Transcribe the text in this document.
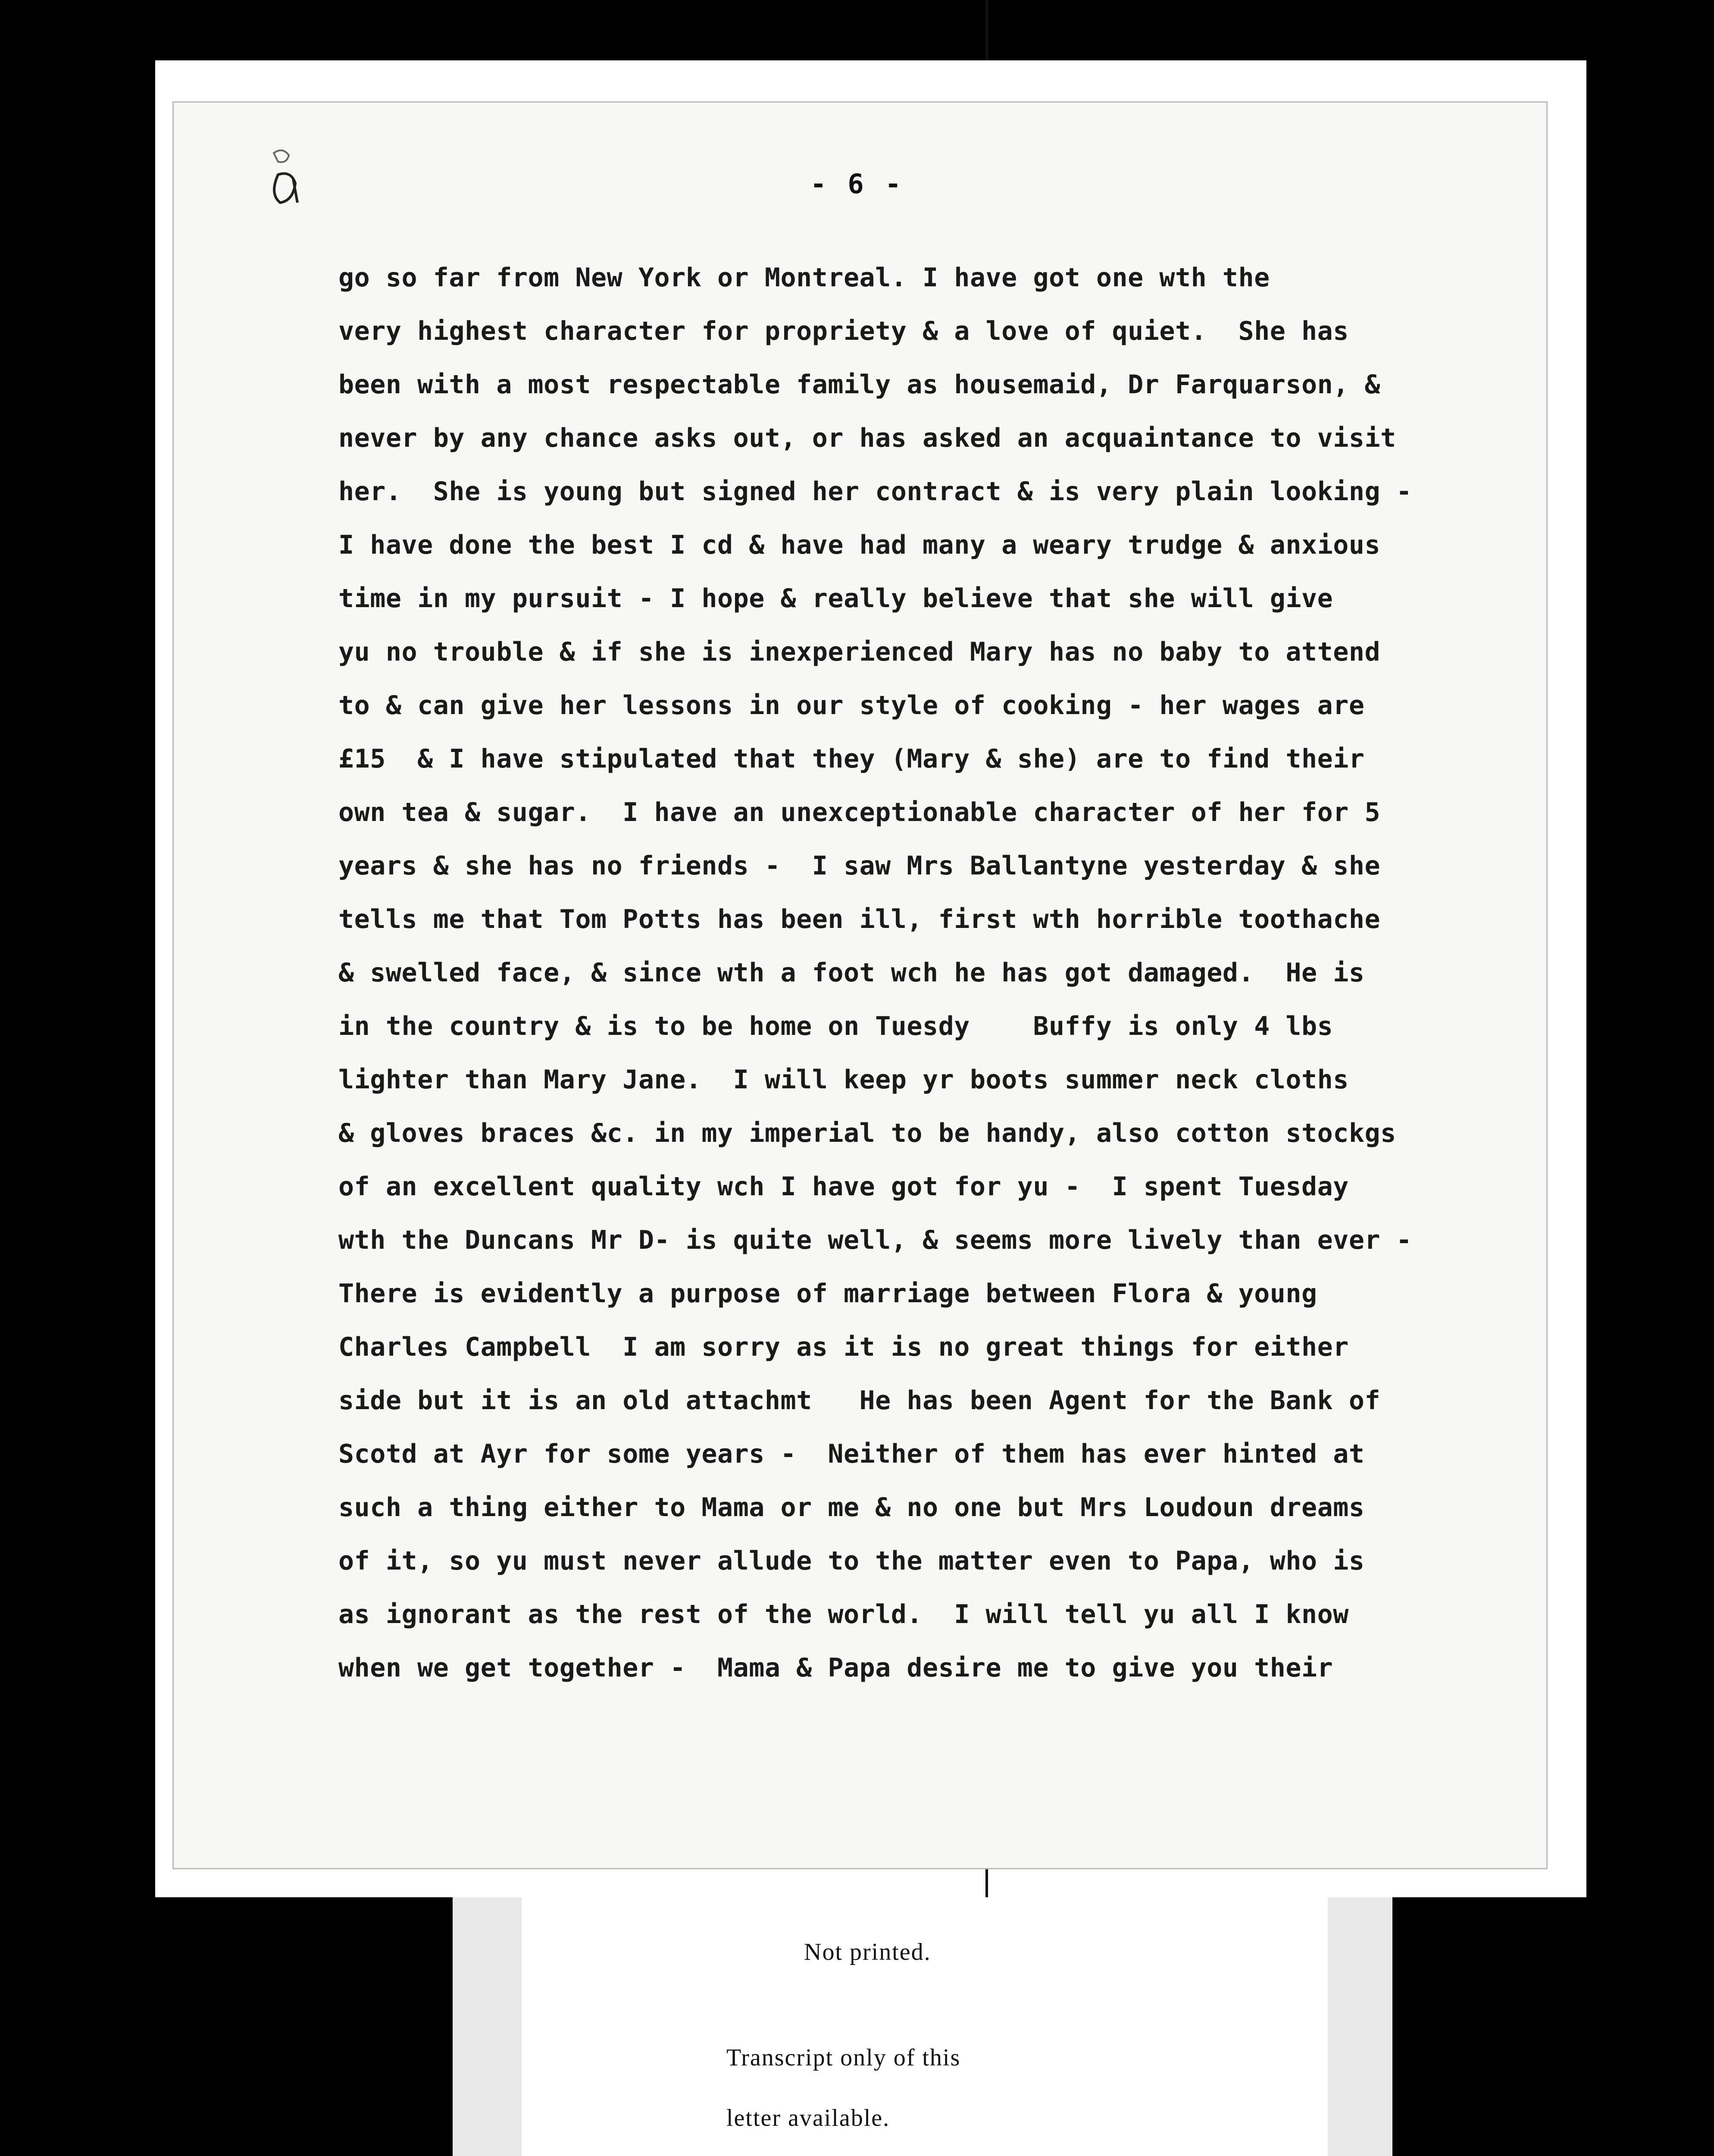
- 6 -
go so far from New York or Montreal. I have got one wth the
very highest character for propriety & a love of quiet.  She has
been with a most respectable family as housemaid, Dr Farquarson, &
never by any chance asks out, or has asked an acquaintance to visit
her.  She is young but signed her contract & is very plain looking -
I have done the best I cd & have had many a weary trudge & anxious
time in my pursuit - I hope & really believe that she will give
yu no trouble & if she is inexperienced Mary has no baby to attend
to & can give her lessons in our style of cooking - her wages are
£15  & I have stipulated that they (Mary & she) are to find their
own tea & sugar.  I have an unexceptionable character of her for 5
years & she has no friends -  I saw Mrs Ballantyne yesterday & she
tells me that Tom Potts has been ill, first wth horrible toothache
& swelled face, & since wth a foot wch he has got damaged.  He is
in the country & is to be home on Tuesdy    Buffy is only 4 lbs
lighter than Mary Jane.  I will keep yr boots summer neck cloths
& gloves braces &c. in my imperial to be handy, also cotton stockgs
of an excellent quality wch I have got for yu -  I spent Tuesday
wth the Duncans Mr D- is quite well, & seems more lively than ever -
There is evidently a purpose of marriage between Flora & young
Charles Campbell  I am sorry as it is no great things for either
side but it is an old attachmt   He has been Agent for the Bank of
Scotd at Ayr for some years -  Neither of them has ever hinted at
such a thing either to Mama or me & no one but Mrs Loudoun dreams
of it, so yu must never allude to the matter even to Papa, who is
as ignorant as the rest of the world.  I will tell yu all I know
when we get together -  Mama & Papa desire me to give you their
Not printed.
Transcript only of this
letter available.
